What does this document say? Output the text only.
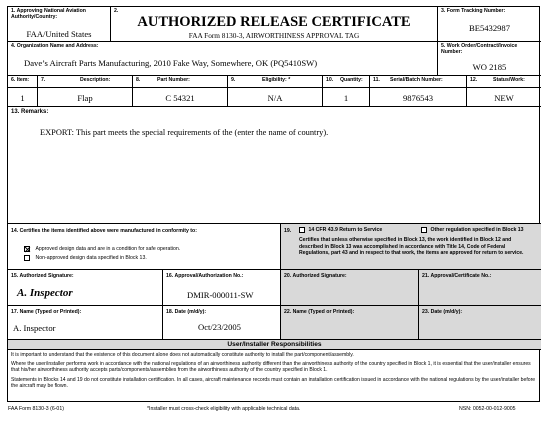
1. Approving National Aviation Authority/Country:
FAA/United States
2.
AUTHORIZED RELEASE CERTIFICATE
FAA Form 8130-3, AIRWORTHINESS APPROVAL TAG
3. Form Tracking Number:
BE5432987
4. Organization Name and Address:
Dave’s Aircraft Parts Manufacturing, 2010 Fake Way, Somewhere, OK (PQ5410SW)
5. Work Order/Contract/Invoice Number:
WO 2185
6. Item: 7.	Description:	8.	Part Number:	9.	Eligibility: *	10. Quantity: 11. Serial/Batch Number:	12.	Status/Work:
1	Flap	C 54321	N/A	1	9876543	NEW
13. Remarks:
EXPORT: This part meets the special requirements of the (enter the name of country).
14. Certifies the items identified above were manufactured in conformity to:
Approved design data and are in a condition for safe operation.
Non-approved design data specified in Block 13.
19.	14 CFR 43.9 Return to Service	Other regulation specified in Block 13
Certifies that unless otherwise specified in Block 13, the work identified in Block 12 and described in Block 13 was accomplished in accordance with Title 14, Code of Federal Regulations, part 43 and in respect to that work, the items are approved for return to service.
15. Authorized Signature:
A. Inspector
16. Approval/Authorization No.:
DMIR-000011-SW
20. Authorized Signature:	21. Approval/Certificate No.:
17. Name (Typed or Printed):
A. Inspector
18. Date (m/d/y):
Oct/23/2005
22. Name (Typed or Printed):	23. Date (m/d/y):
User/Installer Responsibilities
It is important to understand that the existence of this document alone does not automatically constitute authority to install the part/component/assembly.
Where the user/installer performs work in accordance with the national regulations of an airworthiness authority different than the airworthiness authority of the country specified in Block 1, it is essential that the user/installer ensures that his/her airworthiness authority accepts parts/components/assemblies from the airworthiness authority of the country specified in Block 1.
Statements in Blocks 14 and 19 do not constitute installation certification. In all cases, aircraft maintenance records must contain an installation certification issued in accordance with the national regulations by the user/installer before the aircraft may be flown.
FAA Form 8130-3 (6-01)	*Installer must cross-check eligibility with applicable technical data.	NSN: 0052-00-012-9005
